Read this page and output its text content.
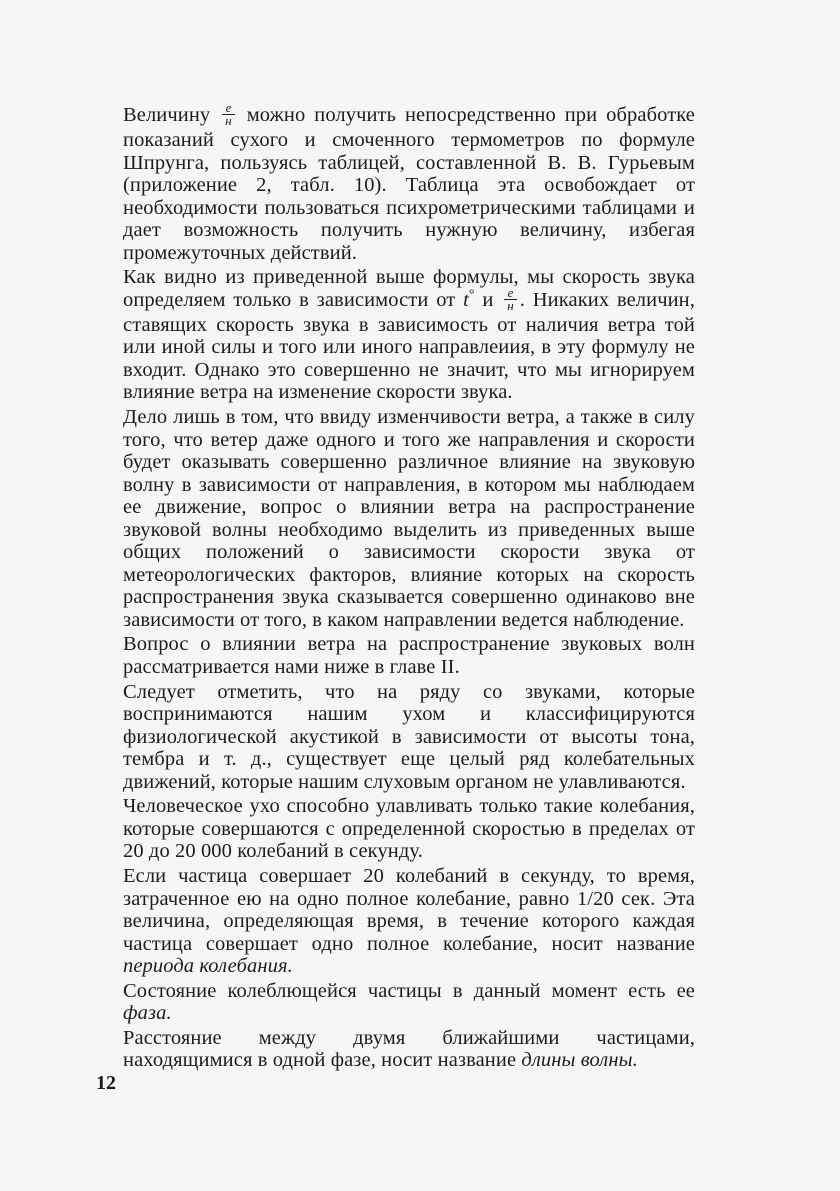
Величину $\frac{e}{н}$ можно получить непосредственно при обработке показаний сухого и смоченного термометров по формуле Шпрунга, пользуясь таблицей, составленной В. В. Гурьевым (приложение 2, табл. 10). Таблица эта освобождает от необходимости пользоваться психрометрическими таблицами и дает возможность получить нужную величину, избегая промежуточных действий.

Как видно из приведенной выше формулы, мы скорость звука определяем только в зависимости от t° и $\frac{e}{н}$ . Никаких величин, ставящих скорость звука в зависимость от наличия ветра той или иной силы и того или иного направлеиия, в эту формулу не входит. Однако это совершенно не значит, что мы игнорируем влияние ветра на изменение скорости звука.

Дело лишь в том, что ввиду изменчивости ветра, а также в силу того, что ветер даже одного и того же направления и скорости будет оказывать совершенно различное влияние на звуковую волну в зависимости от направления, в котором мы наблюдаем ее движение, вопрос о влиянии ветра на распространение звуковой волны необходимо выделить из приведенных выше общих положений о зависимости скорости звука от метеорологических факторов, влияние которых на скорость распространения звука сказывается совершенно одинаково вне зависимости от того, в каком направлении ведется наблюдение.

Вопрос о влиянии ветра на распространение звуковых волн рассматривается нами ниже в главе II.

Следует отметить, что на ряду со звуками, которые воспринимаются нашим ухом и классифицируются физиологической акустикой в зависимости от высоты тона, тембра и т. д., существует еще целый ряд колебательных движений, которые нашим слуховым органом не улавливаются.

Человеческое ухо способно улавливать только такие колебания, которые совершаются с определенной скоростью в пределах от 20 до 20 000 колебаний в секунду.

Если частица совершает 20 колебаний в секунду, то время, затраченное ею на одно полное колебание, равно 1/20 сек. Эта величина, определяющая время, в течение которого каждая частица совершает одно полное колебание, носит название периода колебания.

Состояние колеблющейся частицы в данный момент есть ее фаза.

Расстояние между двумя ближайшими частицами, находящимися в одной фазе, носит название длины волны.

12
